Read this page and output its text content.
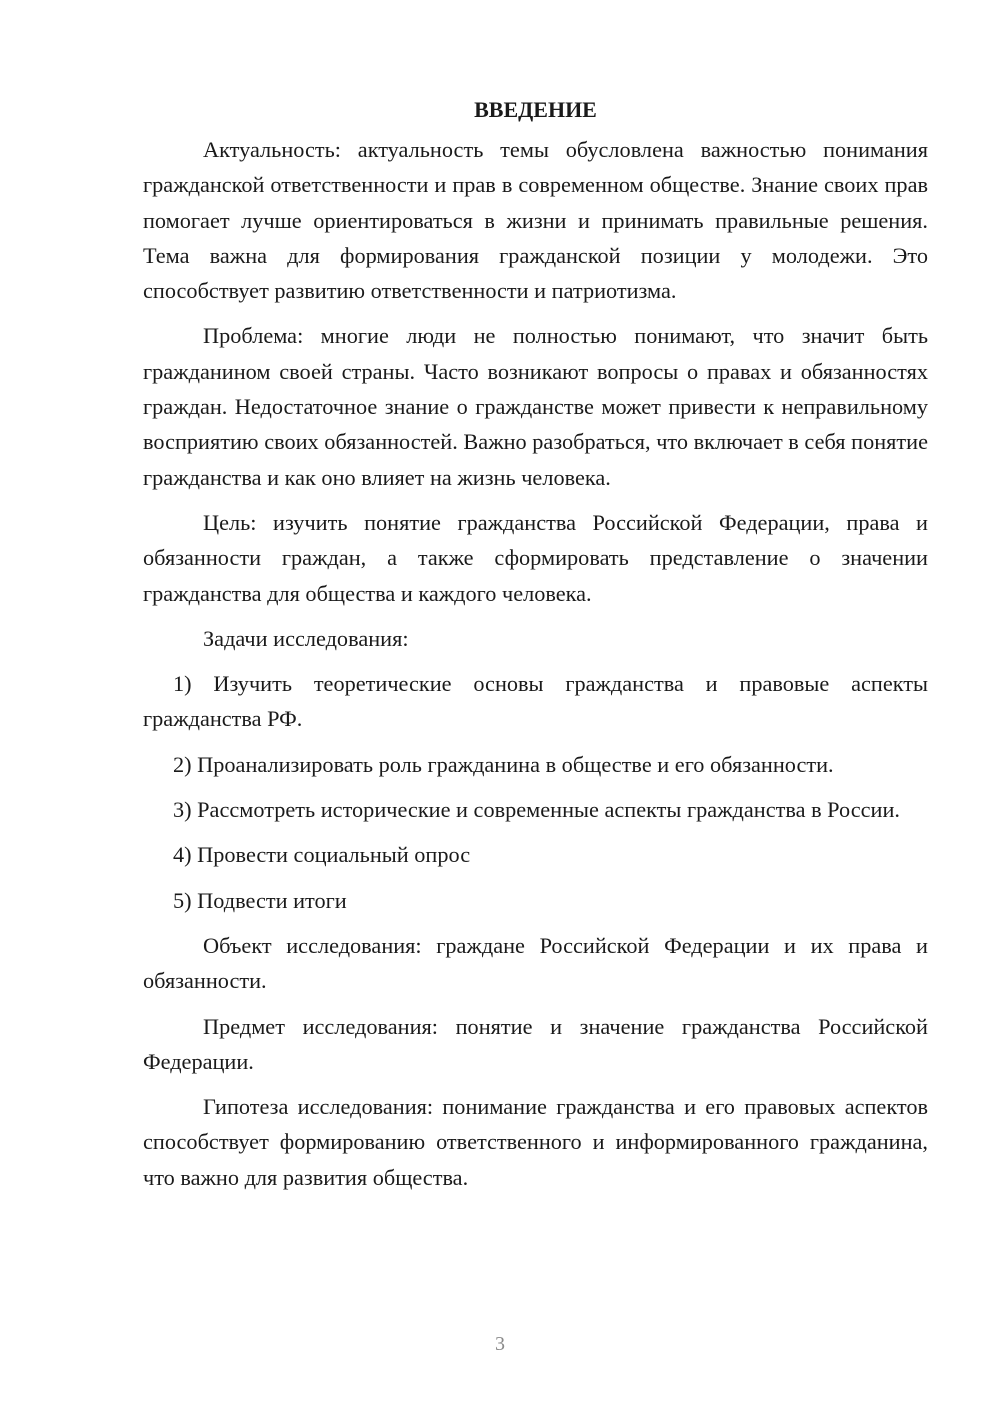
ВВЕДЕНИЕ

Актуальность: актуальность темы обусловлена важностью понимания гражданской ответственности и прав в современном обществе. Знание своих прав помогает лучше ориентироваться в жизни и принимать правильные решения. Тема важна для формирования гражданской позиции у молодежи. Это способствует развитию ответственности и патриотизма.

Проблема: многие люди не полностью понимают, что значит быть гражданином своей страны. Часто возникают вопросы о правах и обязанностях граждан. Недостаточное знание о гражданстве может привести к неправильному восприятию своих обязанностей. Важно разобраться, что включает в себя понятие гражданства и как оно влияет на жизнь человека.

Цель: изучить понятие гражданства Российской Федерации, права и обязанности граждан, а также сформировать представление о значении гражданства для общества и каждого человека.

Задачи исследования:

1) Изучить теоретические основы гражданства и правовые аспекты гражданства РФ.

2) Проанализировать роль гражданина в обществе и его обязанности.

3) Рассмотреть исторические и современные аспекты гражданства в России.

4) Провести социальный опрос

5) Подвести итоги

Объект исследования: граждане Российской Федерации и их права и обязанности.

Предмет исследования: понятие и значение гражданства Российской Федерации.

Гипотеза исследования: понимание гражданства и его правовых аспектов способствует формированию ответственного и информированного гражданина, что важно для развития общества.

3
